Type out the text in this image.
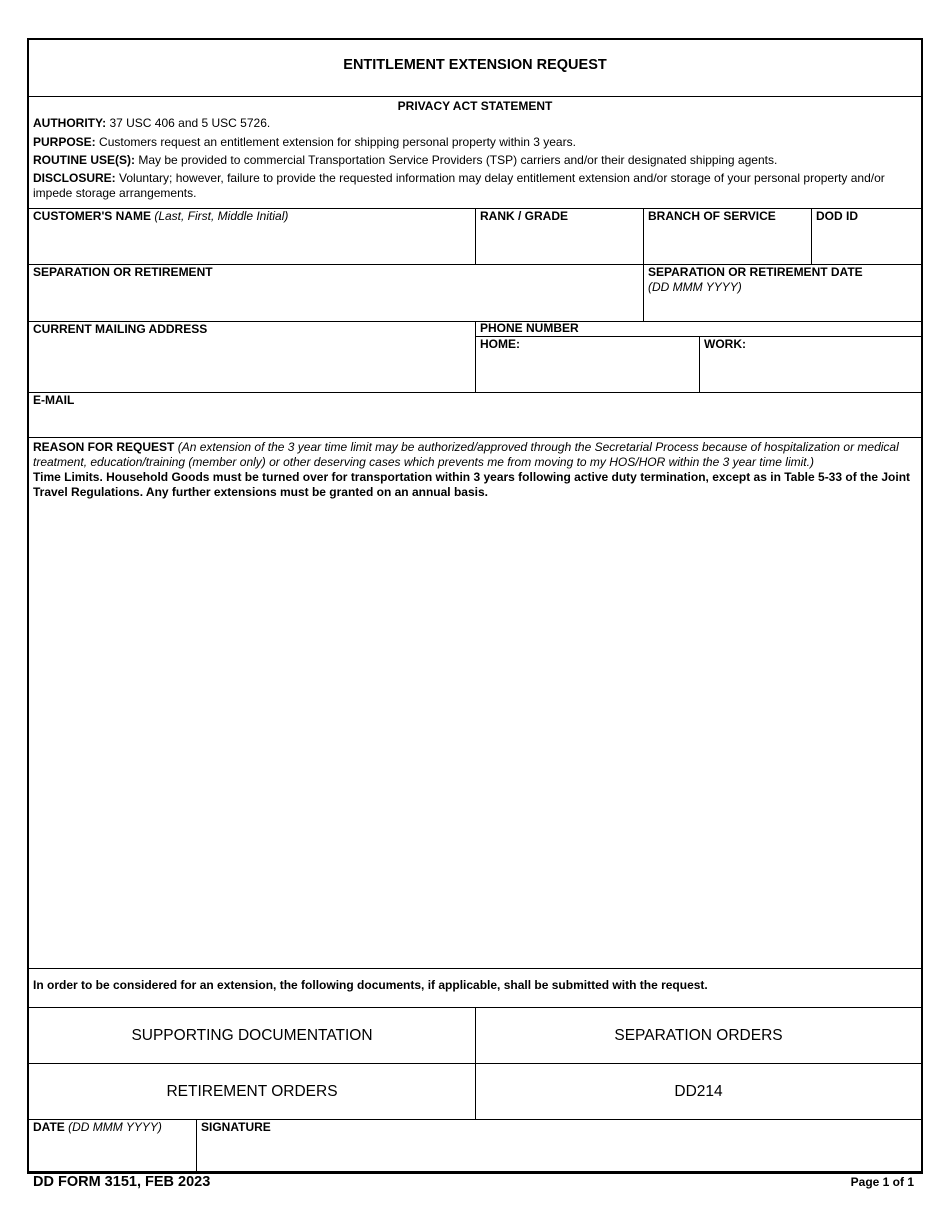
ENTITLEMENT EXTENSION REQUEST
PRIVACY ACT STATEMENT
AUTHORITY: 37 USC 406 and 5 USC 5726.
PURPOSE: Customers request an entitlement extension for shipping personal property within 3 years.
ROUTINE USE(S): May be provided to commercial Transportation Service Providers (TSP) carriers and/or their designated shipping agents.
DISCLOSURE: Voluntary; however, failure to provide the requested information may delay entitlement extension and/or storage of your personal property and/or impede storage arrangements.
CUSTOMER'S NAME (Last, First, Middle Initial)	RANK / GRADE	BRANCH OF SERVICE	DOD ID
SEPARATION OR RETIREMENT	SEPARATION OR RETIREMENT DATE
(DD MMM YYYY)
CURRENT MAILING ADDRESS	PHONE NUMBER
HOME:	WORK:
E-MAIL
REASON FOR REQUEST (An extension of the 3 year time limit may be authorized/approved through the Secretarial Process because of hospitalization or medical treatment, education/training (member only) or other deserving cases which prevents me from moving to my HOS/HOR within the 3 year time limit.)
Time Limits. Household Goods must be turned over for transportation within 3 years following active duty termination, except as in Table 5-33 of the Joint Travel Regulations. Any further extensions must be granted on an annual basis.
In order to be considered for an extension, the following documents, if applicable, shall be submitted with the request.
SUPPORTING DOCUMENTATION	SEPARATION ORDERS
RETIREMENT ORDERS	DD214
DATE (DD MMM YYYY)	SIGNATURE
DD FORM 3151, FEB 2023	Page 1 of 1
